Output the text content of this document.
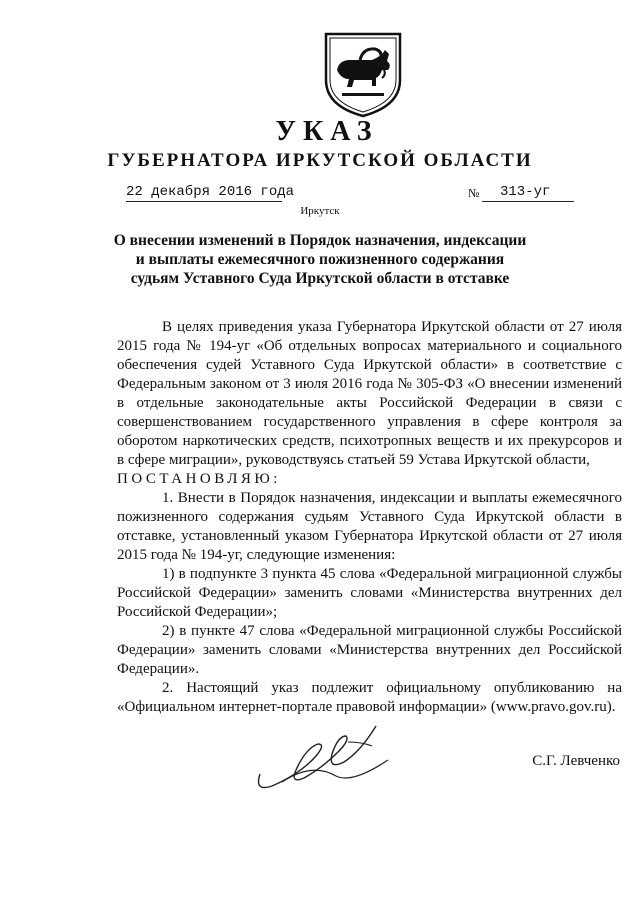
УКАЗ
ГУБЕРНАТОРА ИРКУТСКОЙ ОБЛАСТИ
22 декабря 2016 года	№	313-уг
Иркутск
О внесении изменений в Порядок назначения, индексации
и выплаты ежемесячного пожизненного содержания
судьям Уставного Суда Иркутской области в отставке

В целях приведения указа Губернатора Иркутской области от 27 июля 2015 года № 194-уг «Об отдельных вопросах материального и социального обеспечения судей Уставного Суда Иркутской области» в соответствие с Федеральным законом от 3 июля 2016 года № 305-ФЗ «О внесении изменений в отдельные законодательные акты Российской Федерации в связи с совершенствованием государственного управления в сфере контроля за оборотом наркотических средств, психотропных веществ и их прекурсоров и в сфере миграции», руководствуясь статьей 59 Устава Иркутской области,

ПОСТАНОВЛЯЮ:

1. Внести в Порядок назначения, индексации и выплаты ежемесячного пожизненного содержания судьям Уставного Суда Иркутской области в отставке, установленный указом Губернатора Иркутской области от 27 июля 2015 года № 194-уг, следующие изменения:

1) в подпункте 3 пункта 45 слова «Федеральной миграционной службы Российской Федерации» заменить словами «Министерства внутренних дел Российской Федерации»;

2) в пункте 47 слова «Федеральной миграционной службы Российской Федерации» заменить словами «Министерства внутренних дел Российской Федерации».

2. Настоящий указ подлежит официальному опубликованию на «Официальном интернет-портале правовой информации» (www.pravo.gov.ru).

С.Г. Левченко
